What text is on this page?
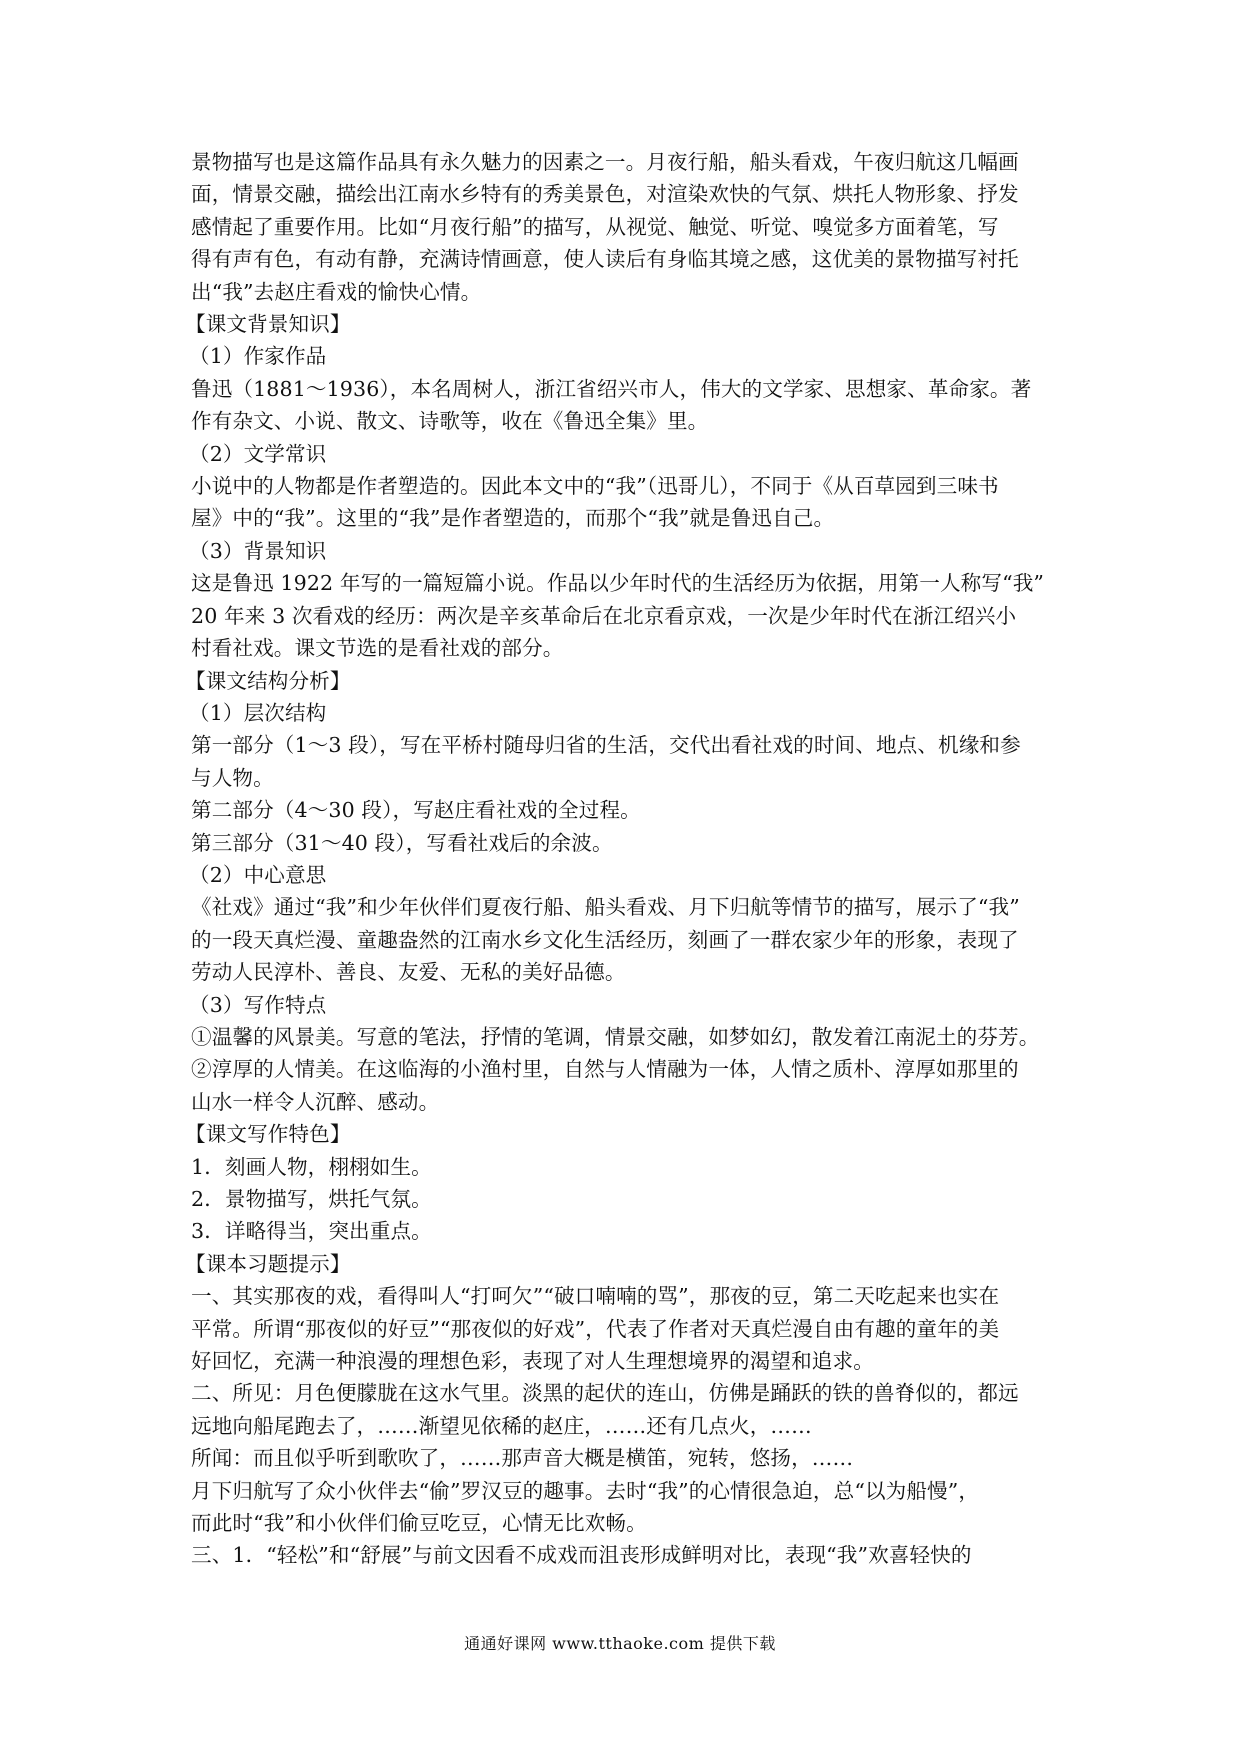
景物描写也是这篇作品具有永久魅力的因素之一。月夜行船，船头看戏，午夜归航这几幅画
面，情景交融，描绘出江南水乡特有的秀美景色，对渲染欢快的气氛、烘托人物形象、抒发
感情起了重要作用。比如“月夜行船”的描写，从视觉、触觉、听觉、嗅觉多方面着笔，写
得有声有色，有动有静，充满诗情画意，使人读后有身临其境之感，这优美的景物描写衬托
出“我”去赵庄看戏的愉快心情。
【课文背景知识】
（1）作家作品
鲁迅（1881～1936），本名周树人，浙江省绍兴市人，伟大的文学家、思想家、革命家。著
作有杂文、小说、散文、诗歌等，收在《鲁迅全集》里。
（2）文学常识
小说中的人物都是作者塑造的。因此本文中的“我”（迅哥儿），不同于《从百草园到三味书
屋》中的“我”。这里的“我”是作者塑造的，而那个“我”就是鲁迅自己。
（3）背景知识
这是鲁迅 1922 年写的一篇短篇小说。作品以少年时代的生活经历为依据，用第一人称写“我”
20 年来 3 次看戏的经历：两次是辛亥革命后在北京看京戏，一次是少年时代在浙江绍兴小
村看社戏。课文节选的是看社戏的部分。
【课文结构分析】
（1）层次结构
第一部分（1～3 段），写在平桥村随母归省的生活，交代出看社戏的时间、地点、机缘和参
与人物。
第二部分（4～30 段），写赵庄看社戏的全过程。
第三部分（31～40 段），写看社戏后的余波。
（2）中心意思
《社戏》通过“我”和少年伙伴们夏夜行船、船头看戏、月下归航等情节的描写，展示了“我”
的一段天真烂漫、童趣盎然的江南水乡文化生活经历，刻画了一群农家少年的形象，表现了
劳动人民淳朴、善良、友爱、无私的美好品德。
（3）写作特点
①温馨的风景美。写意的笔法，抒情的笔调，情景交融，如梦如幻，散发着江南泥土的芬芳。
②淳厚的人情美。在这临海的小渔村里，自然与人情融为一体，人情之质朴、淳厚如那里的
山水一样令人沉醉、感动。
【课文写作特色】
1．刻画人物，栩栩如生。
2．景物描写，烘托气氛。
3．详略得当，突出重点。
【课本习题提示】
一、其实那夜的戏，看得叫人“打呵欠”“破口喃喃的骂”，那夜的豆，第二天吃起来也实在
平常。所谓“那夜似的好豆”“那夜似的好戏”，代表了作者对天真烂漫自由有趣的童年的美
好回忆，充满一种浪漫的理想色彩，表现了对人生理想境界的渴望和追求。
二、所见：月色便朦胧在这水气里。淡黑的起伏的连山，仿佛是踊跃的铁的兽脊似的，都远
远地向船尾跑去了，……渐望见依稀的赵庄，……还有几点火，……
所闻：而且似乎听到歌吹了，……那声音大概是横笛，宛转，悠扬，……
月下归航写了众小伙伴去“偷”罗汉豆的趣事。去时“我”的心情很急迫，总“以为船慢”，
而此时“我”和小伙伴们偷豆吃豆，心情无比欢畅。
三、1．“轻松”和“舒展”与前文因看不成戏而沮丧形成鲜明对比，表现“我”欢喜轻快的
通通好课网 www.tthaoke.com 提供下载
